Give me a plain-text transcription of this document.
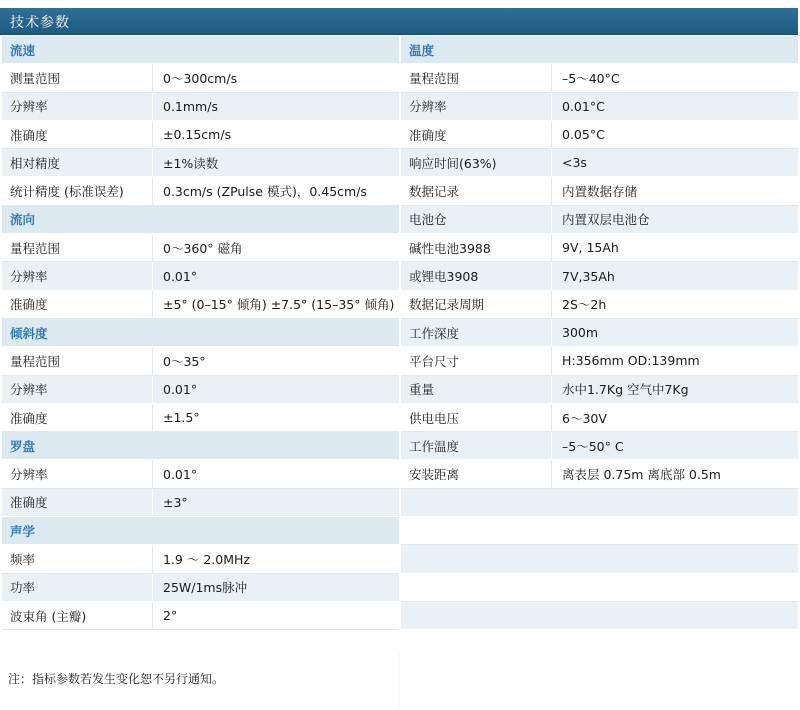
技术参数
流速
测量范围	0～300cm/s
分辨率	0.1mm/s
准确度	±0.15cm/s
相对精度	±1%读数
统计精度 (标准误差)	0.3cm/s (ZPulse 模式)，0.45cm/s
流向
量程范围	0～360° 磁角
分辨率	0.01°
准确度	±5° (0–15° 倾角) ±7.5° (15–35° 倾角)
倾斜度
量程范围	0～35°
分辨率	0.01°
准确度	±1.5°
罗盘
分辨率	0.01°
准确度	±3°
声学
频率	1.9 ～ 2.0MHz
功率	25W/1ms脉冲
波束角 (主瓣)	2°
温度
量程范围	–5～40°C
分辨率	0.01°C
准确度	0.05°C
响应时间(63%)	<3s
数据记录	内置数据存储
电池仓	内置双层电池仓
碱性电池3988	9V, 15Ah
或锂电3908	7V,35Ah
数据记录周期	2S～2h
工作深度	300m
平台尺寸	H:356mm OD:139mm
重量	水中1.7Kg 空气中7Kg
供电电压	6～30V
工作温度	–5～50° C
安装距离	离表层 0.75m 离底部 0.5m
注：指标参数若发生变化恕不另行通知。
